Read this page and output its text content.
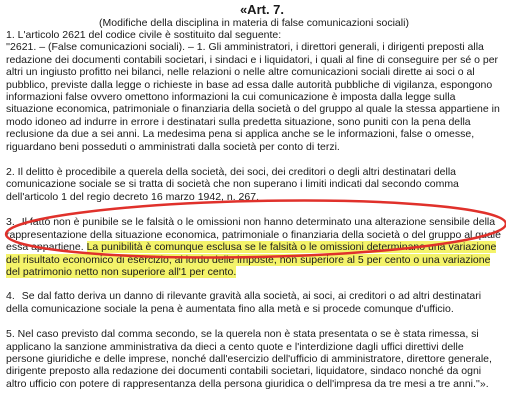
«Art. 7.
(Modifiche della disciplina in materia di false comunicazioni sociali)
1. L'articolo 2621 del codice civile è sostituito dal seguente:
''2621. – (False comunicazioni sociali). – 1. Gli amministratori, i direttori generali, i dirigenti preposti alla redazione dei documenti contabili societari, i sindaci e i liquidatori, i quali al fine di conseguire per sé o per altri un ingiusto profitto nei bilanci, nelle relazioni o nelle altre comunicazioni sociali dirette ai soci o al pubblico, previste dalla legge o richieste in base ad essa dalle autorità pubbliche di vigilanza, espongono informazioni false ovvero omettono informazioni la cui comunicazione è imposta dalla legge sulla situazione economica, patrimoniale o finanziaria della società o del gruppo al quale la stessa appartiene in modo idoneo ad indurre in errore i destinatari sulla predetta situazione, sono puniti con la pena della reclusione da due a sei anni. La medesima pena si applica anche se le informazioni, false o omesse, riguardano beni posseduti o amministrati dalla società per conto di terzi.
2. Il delitto è procedibile a querela della società, dei soci, dei creditori o degli altri destinatari della comunicazione sociale se si tratta di società che non superano i limiti indicati dal secondo comma dell'articolo 1 del regio decreto 16 marzo 1942, n. 267.
3. Il fatto non è punibile se le falsità o le omissioni non hanno determinato una alterazione sensibile della rappresentazione della situazione economica, patrimoniale o finanziaria della società o del gruppo al quale essa appartiene. La punibilità è comunque esclusa se le falsità o le omissioni determinano una variazione del risultato economico di esercizio, al lordo delle imposte, non superiore al 5 per cento o una variazione del patrimonio netto non superiore all'1 per cento.
4. Se dal fatto deriva un danno di rilevante gravità alla società, ai soci, ai creditori o ad altri destinatari della comunicazione sociale la pena è aumentata fino alla metà e si procede comunque d'ufficio.
5. Nel caso previsto dal comma secondo, se la querela non è stata presentata o se è stata rimessa, si applicano la sanzione amministrativa da dieci a cento quote e l'interdizione dagli uffici direttivi delle persone giuridiche e delle imprese, nonché dall'esercizio dell'ufficio di amministratore, direttore generale, dirigente preposto alla redazione dei documenti contabili societari, liquidatore, sindaco nonché da ogni altro ufficio con potere di rappresentanza della persona giuridica o dell'impresa da tre mesi a tre anni.''».
